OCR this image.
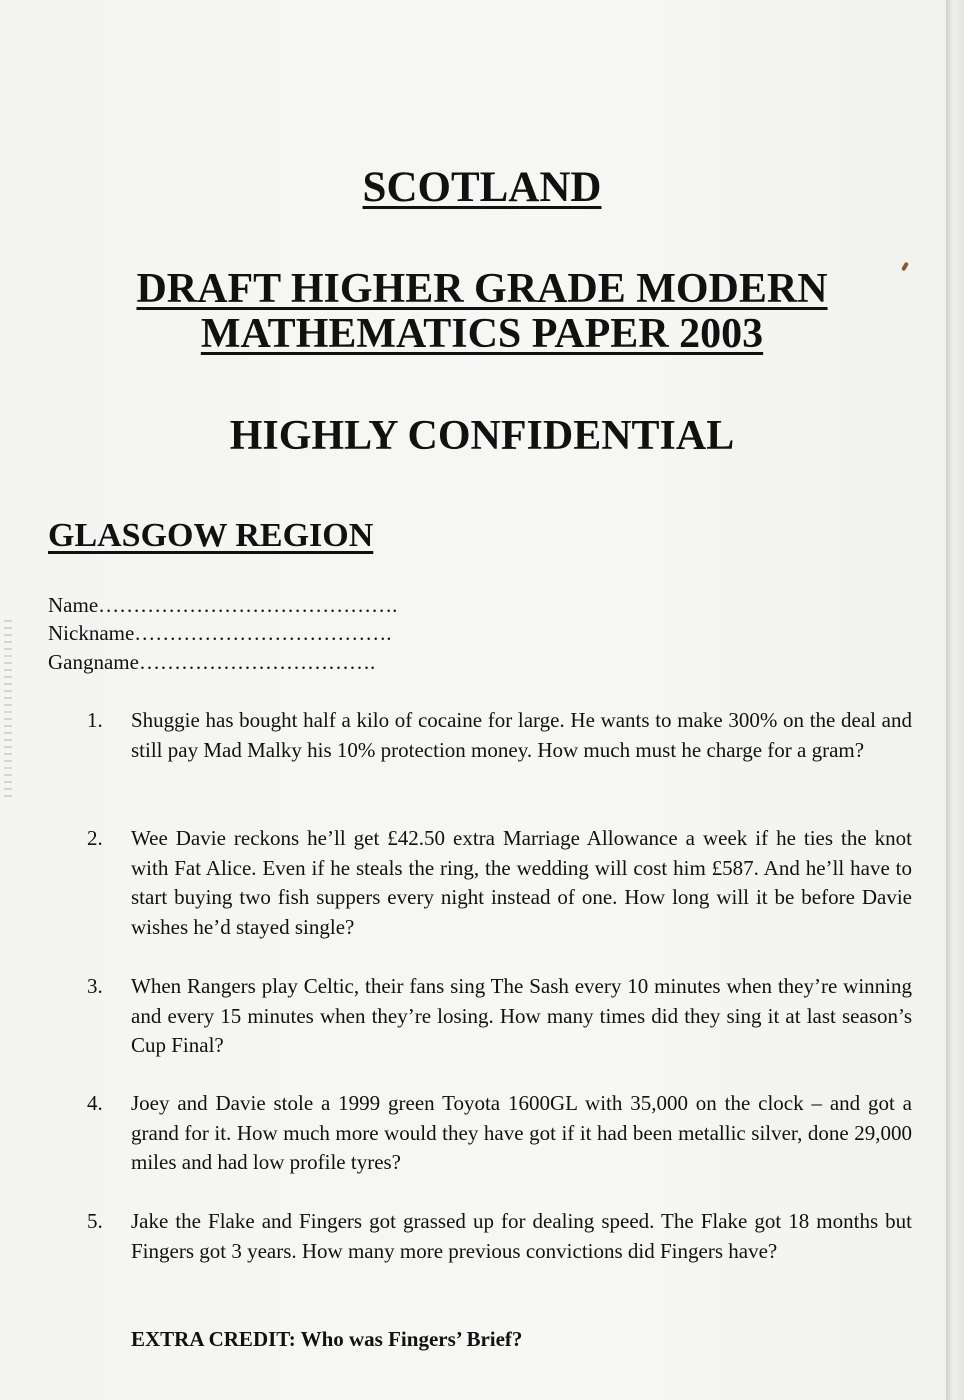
SCOTLAND
DRAFT HIGHER GRADE MODERN
MATHEMATICS PAPER 2003
HIGHLY CONFIDENTIAL
GLASGOW REGION
Name…………………………………….
Nickname……………………………….
Gangname…………………………….
1.	Shuggie has bought half a kilo of cocaine for large. He wants to make 300% on the deal and still pay Mad Malky his 10% protection money. How much must he charge for a gram?
2.	Wee Davie reckons he’ll get £42.50 extra Marriage Allowance a week if he ties the knot with Fat Alice. Even if he steals the ring, the wedding will cost him £587. And he’ll have to start buying two fish suppers every night instead of one. How long will it be before Davie wishes he’d stayed single?
3.	When Rangers play Celtic, their fans sing The Sash every 10 minutes when they’re winning and every 15 minutes when they’re losing. How many times did they sing it at last season’s Cup Final?
4.	Joey and Davie stole a 1999 green Toyota 1600GL with 35,000 on the clock – and got a grand for it. How much more would they have got if it had been metallic silver, done 29,000 miles and had low profile tyres?
5.	Jake the Flake and Fingers got grassed up for dealing speed. The Flake got 18 months but Fingers got 3 years. How many more previous convictions did Fingers have?
EXTRA CREDIT: Who was Fingers’ Brief?
